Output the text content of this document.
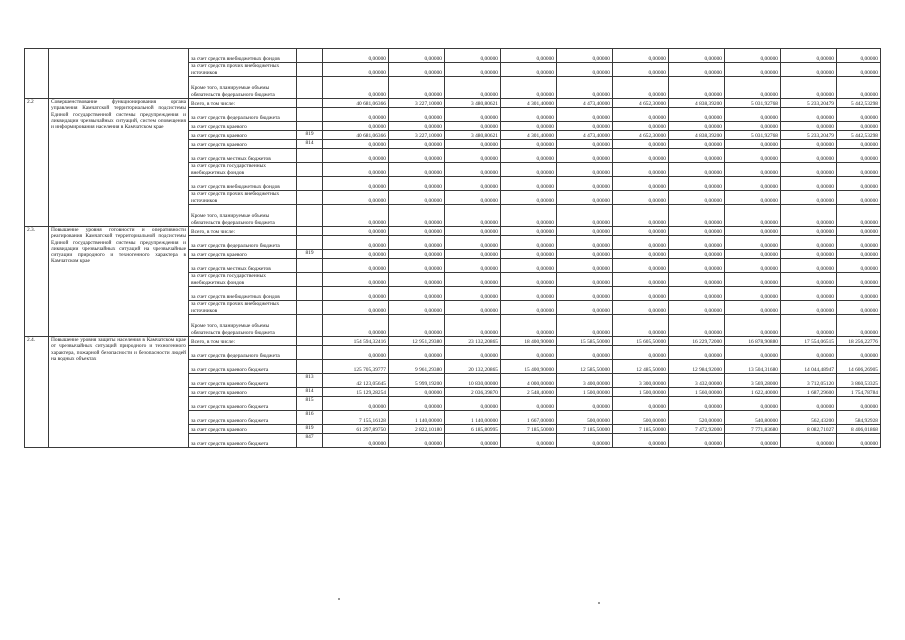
		за счет средств внебюджетных фондов		0,00000	0,00000	0,00000	0,00000	0,00000	0,00000	0,00000	0,00000	0,00000	0,00000
		за счет средств прочих внебюджетных источников		0,00000	0,00000	0,00000	0,00000	0,00000	0,00000	0,00000	0,00000	0,00000	0,00000
		Кроме того, планируемые объемы обязательств федерального бюджета		0,00000	0,00000	0,00000	0,00000	0,00000	0,00000	0,00000	0,00000	0,00000	0,00000
2.2	Совершенствование функционирования органа управления Камчатской территориальной подсистемы Единой государственной системы предупреждения и ликвидации чрезвычайных ситуаций, систем оповещения и информирования населения в Камчатском крае	Всего, в том числе:		40 681,06366	3 227,10000	3 480,80621	4 301,40000	4 473,40000	4 652,30000	4 838,39200	5 031,92768	5 233,20479	5 442,53298
		за счет средств федерального бюджета		0,00000	0,00000	0,00000	0,00000	0,00000	0,00000	0,00000	0,00000	0,00000	0,00000
		за счет средств краевого		0,00000	0,00000	0,00000	0,00000	0,00000	0,00000	0,00000	0,00000	0,00000	0,00000
		за счет средств краевого	819	40 681,06366	3 227,10000	3 480,80621	4 301,40000	4 473,40000	4 652,30000	4 838,39200	5 031,92768	5 233,20479	5 442,53298
		за счет средств краевого	814	0,00000	0,00000	0,00000	0,00000	0,00000	0,00000	0,00000	0,00000	0,00000	0,00000
		за счет средств местных бюджетов		0,00000	0,00000	0,00000	0,00000	0,00000	0,00000	0,00000	0,00000	0,00000	0,00000
		за счет средств государственных внебюджетных фондов		0,00000	0,00000	0,00000	0,00000	0,00000	0,00000	0,00000	0,00000	0,00000	0,00000
		за счет средств внебюджетных фондов		0,00000	0,00000	0,00000	0,00000	0,00000	0,00000	0,00000	0,00000	0,00000	0,00000
		за счет средств прочих внебюджетных источников		0,00000	0,00000	0,00000	0,00000	0,00000	0,00000	0,00000	0,00000	0,00000	0,00000
		Кроме того, планируемые объемы обязательств федерального бюджета		0,00000	0,00000	0,00000	0,00000	0,00000	0,00000	0,00000	0,00000	0,00000	0,00000
2.3.	Повышение уровня готовности и оперативности реагирования Камчатской территориальной подсистемы Единой государственной системы предупреждения и ликвидации чрезвычайных ситуаций на чрезвычайные ситуации природного и техногенного характера в Камчатском крае	Всего, в том числе:		0,00000	0,00000	0,00000	0,00000	0,00000	0,00000	0,00000	0,00000	0,00000	0,00000
		за счет средств федерального бюджета		0,00000	0,00000	0,00000	0,00000	0,00000	0,00000	0,00000	0,00000	0,00000	0,00000
		за счет средств краевого	819	0,00000	0,00000	0,00000	0,00000	0,00000	0,00000	0,00000	0,00000	0,00000	0,00000
		за счет средств местных бюджетов		0,00000	0,00000	0,00000	0,00000	0,00000	0,00000	0,00000	0,00000	0,00000	0,00000
		за счет средств государственных внебюджетных фондов		0,00000	0,00000	0,00000	0,00000	0,00000	0,00000	0,00000	0,00000	0,00000	0,00000
		за счет средств внебюджетных фондов		0,00000	0,00000	0,00000	0,00000	0,00000	0,00000	0,00000	0,00000	0,00000	0,00000
		за счет средств прочих внебюджетных источников		0,00000	0,00000	0,00000	0,00000	0,00000	0,00000	0,00000	0,00000	0,00000	0,00000
		Кроме того, планируемые объемы обязательств федерального бюджета		0,00000	0,00000	0,00000	0,00000	0,00000	0,00000	0,00000	0,00000	0,00000	0,00000
2.4.	Повышение уровня защиты населения в Камчатском крае от чрезвычайных ситуаций природного и техногенного характера, пожарной безопасности и безопасности людей на водных объектах	Всего, в том числе:		154 594,32416	12 951,29380	23 132,20865	18 400,90000	15 585,50000	15 605,50000	16 229,72000	16 878,90880	17 554,06515	18 256,22776
		за счет средств федерального бюджета		0,00000	0,00000	0,00000	0,00000	0,00000	0,00000	0,00000	0,00000	0,00000	0,00000
		за счет средств краевого бюджета		125 705,39777	9 961,29380	20 132,20865	15 400,90000	12 585,50000	12 485,50000	12 984,92000	13 504,31680	14 044,48947	14 606,26905
		за счет средств краевого бюджета	813	42 123,05645	5 999,19200	10 830,00000	4 000,00000	3 400,00000	3 300,00000	3 432,00000	3 569,28000	3 712,05120	3 860,53325
		за счет средств краевого	814	15 129,28254	0,00000	2 036,39870	2 548,40000	1 500,00000	1 500,00000	1 560,00000	1 622,40000	1 687,29600	1 754,78784
		за счет средств краевого бюджета	815	0,00000	0,00000	0,00000	0,00000	0,00000	0,00000	0,00000	0,00000	0,00000	0,00000
		за счет средств краевого бюджета	816	7 155,16128	1 140,00000	1 140,00000	1 667,00000	500,00000	500,00000	520,00000	540,80000	562,43200	584,92928
		за счет средств краевого	819	61 297,89750	2 822,10180	6 185,80995	7 185,50000	7 185,50000	7 185,50000	7 472,92000	7 771,83680	8 082,71027	8 406,01868
		за счет средств краевого бюджета	847	0,00000	0,00000	0,00000	0,00000	0,00000	0,00000	0,00000	0,00000	0,00000	0,00000
